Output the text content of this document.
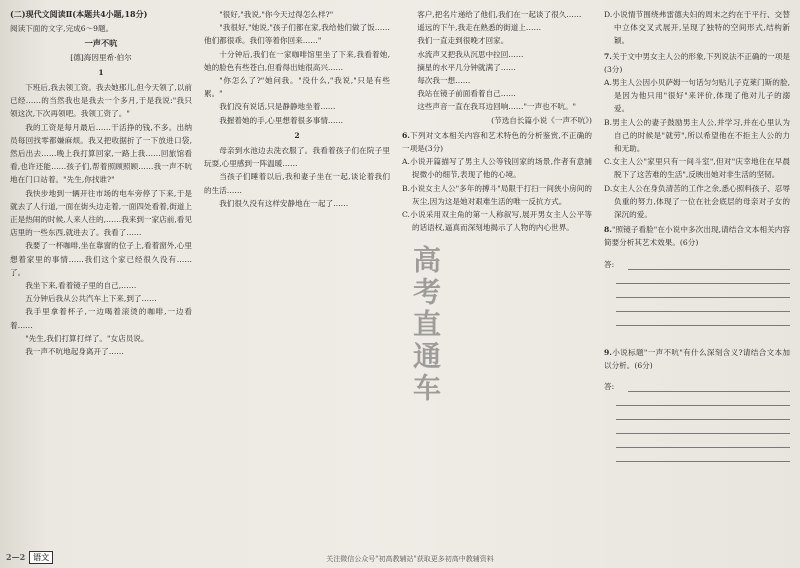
高考直通车
(二)现代文阅读Ⅱ(本题共4小题,18分)
阅读下面的文字,完成6～9题。
一声不吭
[德]海因里希·伯尔
1

下班后,我去领工资。我去她那儿,但今天领了,以前已经……的当然我也是我去一个多月,于是我说:"我只领这次,下次再领吧。我领工资了。"

我的工资是每月最后……干活挣的钱,不多。出纳员每回找零都嫌麻烦。我又把收据折了一下放进口袋,然后出去……晚上我打算回家,一路上我……回旅馆看看,也许还能……孩子们,帮着照顾照顾……我一声不吭地在门口站着。"先生,你找谁?"

我快步地到一辆开往市场的电车旁停了下来,于是就去了人行道,一面在街头边走着,一面四处看着,街道上正是热闹的时候,人来人往的,……我来到一家店前,看见店里的一些东西,就进去了。我看了……

我要了一杯咖啡,坐在靠窗的位子上,看着窗外,心里想着家里的事情……我们这个家已经很久没有……了。

我坐下来,看着镜子里的自己,……

五分钟后我从公共汽车上下来,到了……

我手里拿着杯子,一边喝着滚烫的咖啡,一边看着……

"先生,我们打算打烊了。"女店员说。

我一声不吭地起身离开了……

"很好,"我说,"你今天过得怎么样?"

"我很好,"她说,"孩子们都在家,我给他们做了饭……他们都很乖。我们等着你回来……"

十分钟后,我们在一家咖啡馆里坐了下来,我看着她,她的脸色有些苍白,但看得出她很高兴……

"你怎么了?"她问我。"没什么,"我说,"只是有些累。"

我们没有说话,只是静静地坐着……

我握着她的手,心里想着很多事情……

2

母亲到水池边去洗衣服了。我看着孩子们在院子里玩耍,心里感到一阵温暖……

当孩子们睡着以后,我和妻子坐在一起,谈论着我们的生活……

我们很久没有这样安静地在一起了……

客户,把名片递给了他们,我们在一起谈了很久……

遥远的下午,我走在熟悉的街道上……

我们一直走到很晚才回家。

水流声又把我从沉思中拉回……

摘星的水平几分钟就满了……

每次我一想……

我站在镜子前面看着自己……

这些声音一直在我耳边回响……"一声也不吭。"

(节选自长篇小说《一声不吭》)

6.下列对文本相关内容和艺术特色的分析鉴赏,不正确的一项是(3分)
A.小说开篇描写了男主人公等钱回家的场景,作者有意捕捉微小的细节,表现了他的心境。
B.小说女主人公"多年的搏斗"局限于打扫一间狭小房间的灰尘,因为这是她对艰难生活的唯一反抗方式。
C.小说采用双主角的第一人称叙写,展开男女主人公平等的话语权,逼真而深刻地揭示了人物的内心世界。
D.小说情节围绕弗雷德夫妇的周末之约在于平行、交替中立体交叉式展开,呈现了独特的空间形式,结构新颖。
7.关于文中男女主人公的形象,下列说法不正确的一项是(3分)
A.男主人公因小贝萨姆一句话匀匀贴儿子克莱门斯的脸,是因为他只用"很好"来评价,体现了他对儿子的溺爱。
B.男主人公的妻子鼓励男主人公,并学习,并在心里认为自己的时候是"就劳",所以希望他在不拒主人公的力和无助。
C.女主人公"家里只有一间斗室",但对"庆幸地住在早晨脱下了这苦难的生活",反映出她对非生活的坚韧。
D.女主人公在身负清苦的工作之余,悉心照料孩子、忍辱负重的努力,体现了一位在社会底层的母亲对子女的深沉的爱。
8."照镜子看脸"在小说中多次出现,请结合文本相关内容简要分析其艺术效果。(6分)
答:
9.小说标题"一声不吭"有什么深刻含义?请结合文本加以分析。(6分)
答:
2—2 语文	关注微信公众号"初高教辅站"获取更多初高中教辅资料
